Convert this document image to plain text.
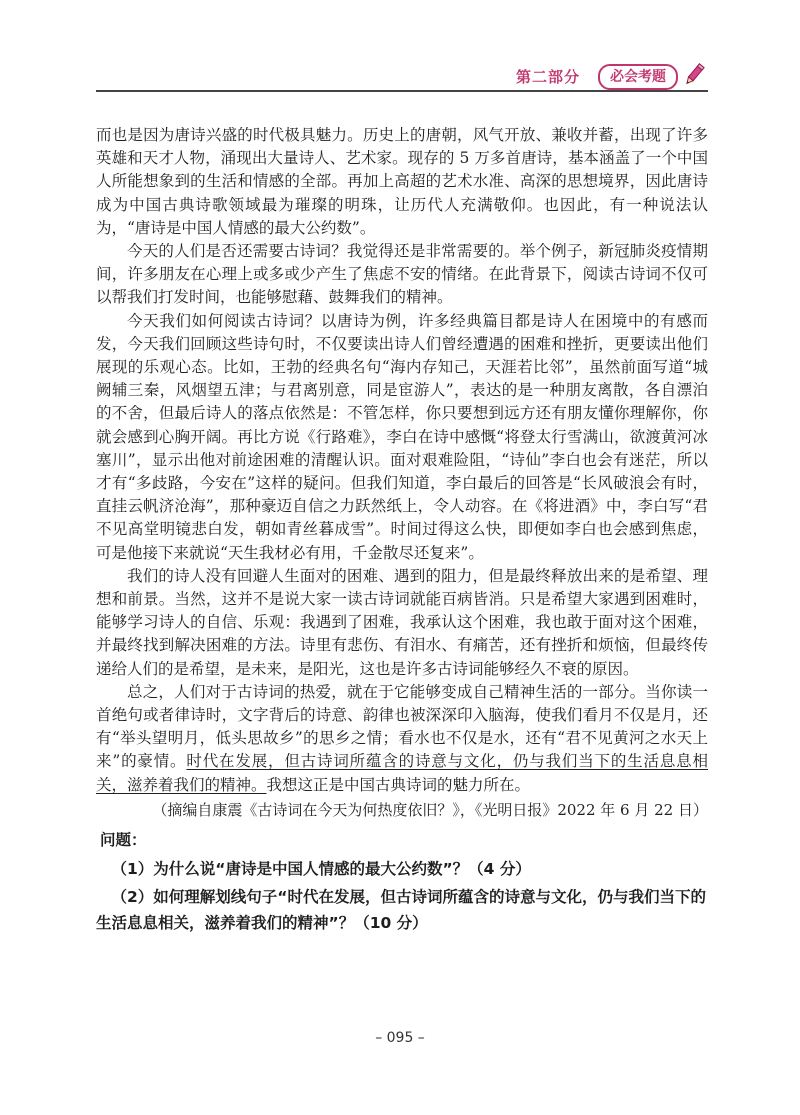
第二部分	必会考题

而也是因为唐诗兴盛的时代极具魅力。历史上的唐朝，风气开放、兼收并蓄，出现了许多英雄和天才人物，涌现出大量诗人、艺术家。现存的 5 万多首唐诗，基本涵盖了一个中国人所能想象到的生活和情感的全部。再加上高超的艺术水准、高深的思想境界，因此唐诗成为中国古典诗歌领域最为璀璨的明珠，让历代人充满敬仰。也因此，有一种说法认为，“唐诗是中国人情感的最大公约数”。

今天的人们是否还需要古诗词？我觉得还是非常需要的。举个例子，新冠肺炎疫情期间，许多朋友在心理上或多或少产生了焦虑不安的情绪。在此背景下，阅读古诗词不仅可以帮我们打发时间，也能够慰藉、鼓舞我们的精神。

今天我们如何阅读古诗词？以唐诗为例，许多经典篇目都是诗人在困境中的有感而发，今天我们回顾这些诗句时，不仅要读出诗人们曾经遭遇的困难和挫折，更要读出他们展现的乐观心态。比如，王勃的经典名句“海内存知己，天涯若比邻”，虽然前面写道“城阙辅三秦，风烟望五津；与君离别意，同是宦游人”，表达的是一种朋友离散，各自漂泊的不舍，但最后诗人的落点依然是：不管怎样，你只要想到远方还有朋友懂你理解你，你就会感到心胸开阔。再比方说《行路难》，李白在诗中感慨“将登太行雪满山，欲渡黄河冰塞川”，显示出他对前途困难的清醒认识。面对艰难险阻，“诗仙”李白也会有迷茫，所以才有“多歧路，今安在”这样的疑问。但我们知道，李白最后的回答是“长风破浪会有时，直挂云帆济沧海”，那种豪迈自信之力跃然纸上，令人动容。在《将进酒》中，李白写“君不见高堂明镜悲白发，朝如青丝暮成雪”。时间过得这么快，即便如李白也会感到焦虑，可是他接下来就说“天生我材必有用，千金散尽还复来”。

我们的诗人没有回避人生面对的困难、遇到的阻力，但是最终释放出来的是希望、理想和前景。当然，这并不是说大家一读古诗词就能百病皆消。只是希望大家遇到困难时，能够学习诗人的自信、乐观：我遇到了困难，我承认这个困难，我也敢于面对这个困难，并最终找到解决困难的方法。诗里有悲伤、有泪水、有痛苦，还有挫折和烦恼，但最终传递给人们的是希望，是未来，是阳光，这也是许多古诗词能够经久不衰的原因。

总之，人们对于古诗词的热爱，就在于它能够变成自己精神生活的一部分。当你读一首绝句或者律诗时，文字背后的诗意、韵律也被深深印入脑海，使我们看月不仅是月，还有“举头望明月，低头思故乡”的思乡之情；看水也不仅是水，还有“君不见黄河之水天上来”的豪情。时代在发展，但古诗词所蕴含的诗意与文化，仍与我们当下的生活息息相关，滋养着我们的精神。我想这正是中国古典诗词的魅力所在。

（摘编自康震《古诗词在今天为何热度依旧？》，《光明日报》2022 年 6 月 22 日）

问题：

（1）为什么说“唐诗是中国人情感的最大公约数”？（4 分）

（2）如何理解划线句子“时代在发展，但古诗词所蕴含的诗意与文化，仍与我们当下的生活息息相关，滋养着我们的精神”？（10 分）

– 095 –
